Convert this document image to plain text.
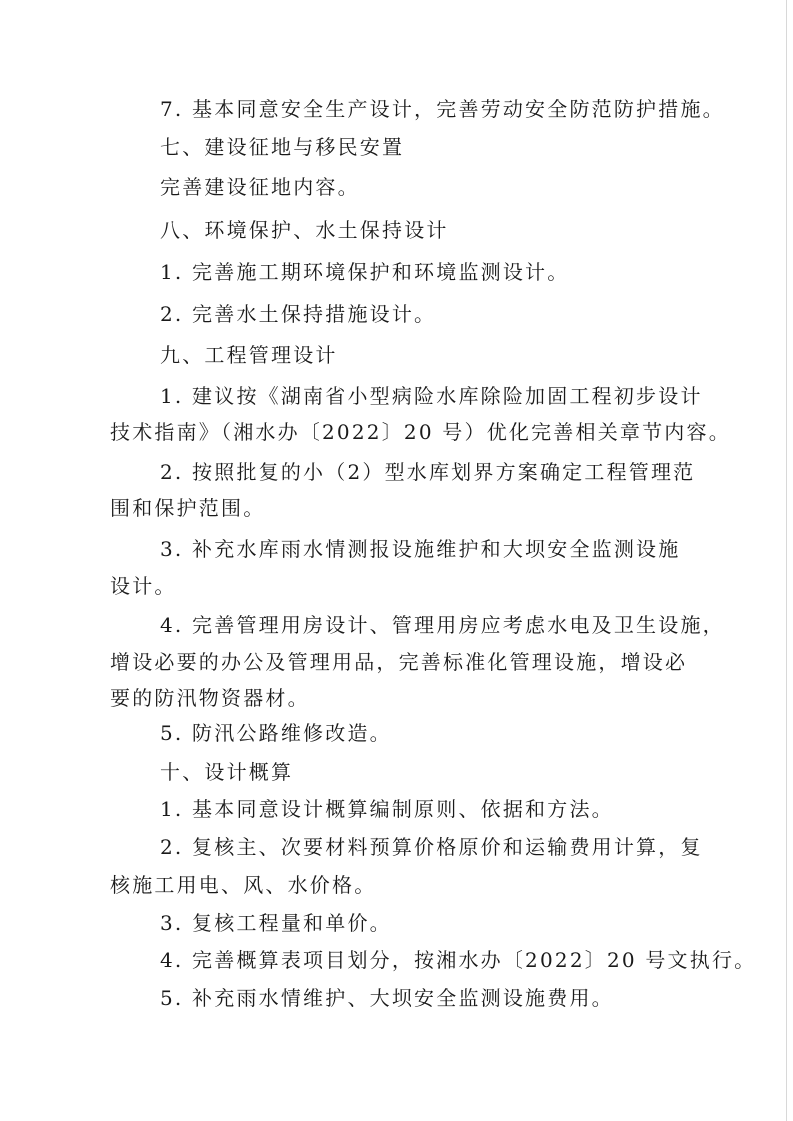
7. 基本同意安全生产设计，完善劳动安全防范防护措施。
七、建设征地与移民安置
完善建设征地内容。
八、环境保护、水土保持设计
1. 完善施工期环境保护和环境监测设计。
2. 完善水土保持措施设计。
九、工程管理设计
1. 建议按《湖南省小型病险水库除险加固工程初步设计
技术指南》（湘水办〔2022〕20 号）优化完善相关章节内容。
2. 按照批复的小（2）型水库划界方案确定工程管理范
围和保护范围。
3. 补充水库雨水情测报设施维护和大坝安全监测设施
设计。
4. 完善管理用房设计、管理用房应考虑水电及卫生设施，
增设必要的办公及管理用品，完善标准化管理设施，增设必
要的防汛物资器材。
5. 防汛公路维修改造。
十、设计概算
1. 基本同意设计概算编制原则、依据和方法。
2. 复核主、次要材料预算价格原价和运输费用计算，复
核施工用电、风、水价格。
3. 复核工程量和单价。
4. 完善概算表项目划分，按湘水办〔2022〕20 号文执行。
5. 补充雨水情维护、大坝安全监测设施费用。
